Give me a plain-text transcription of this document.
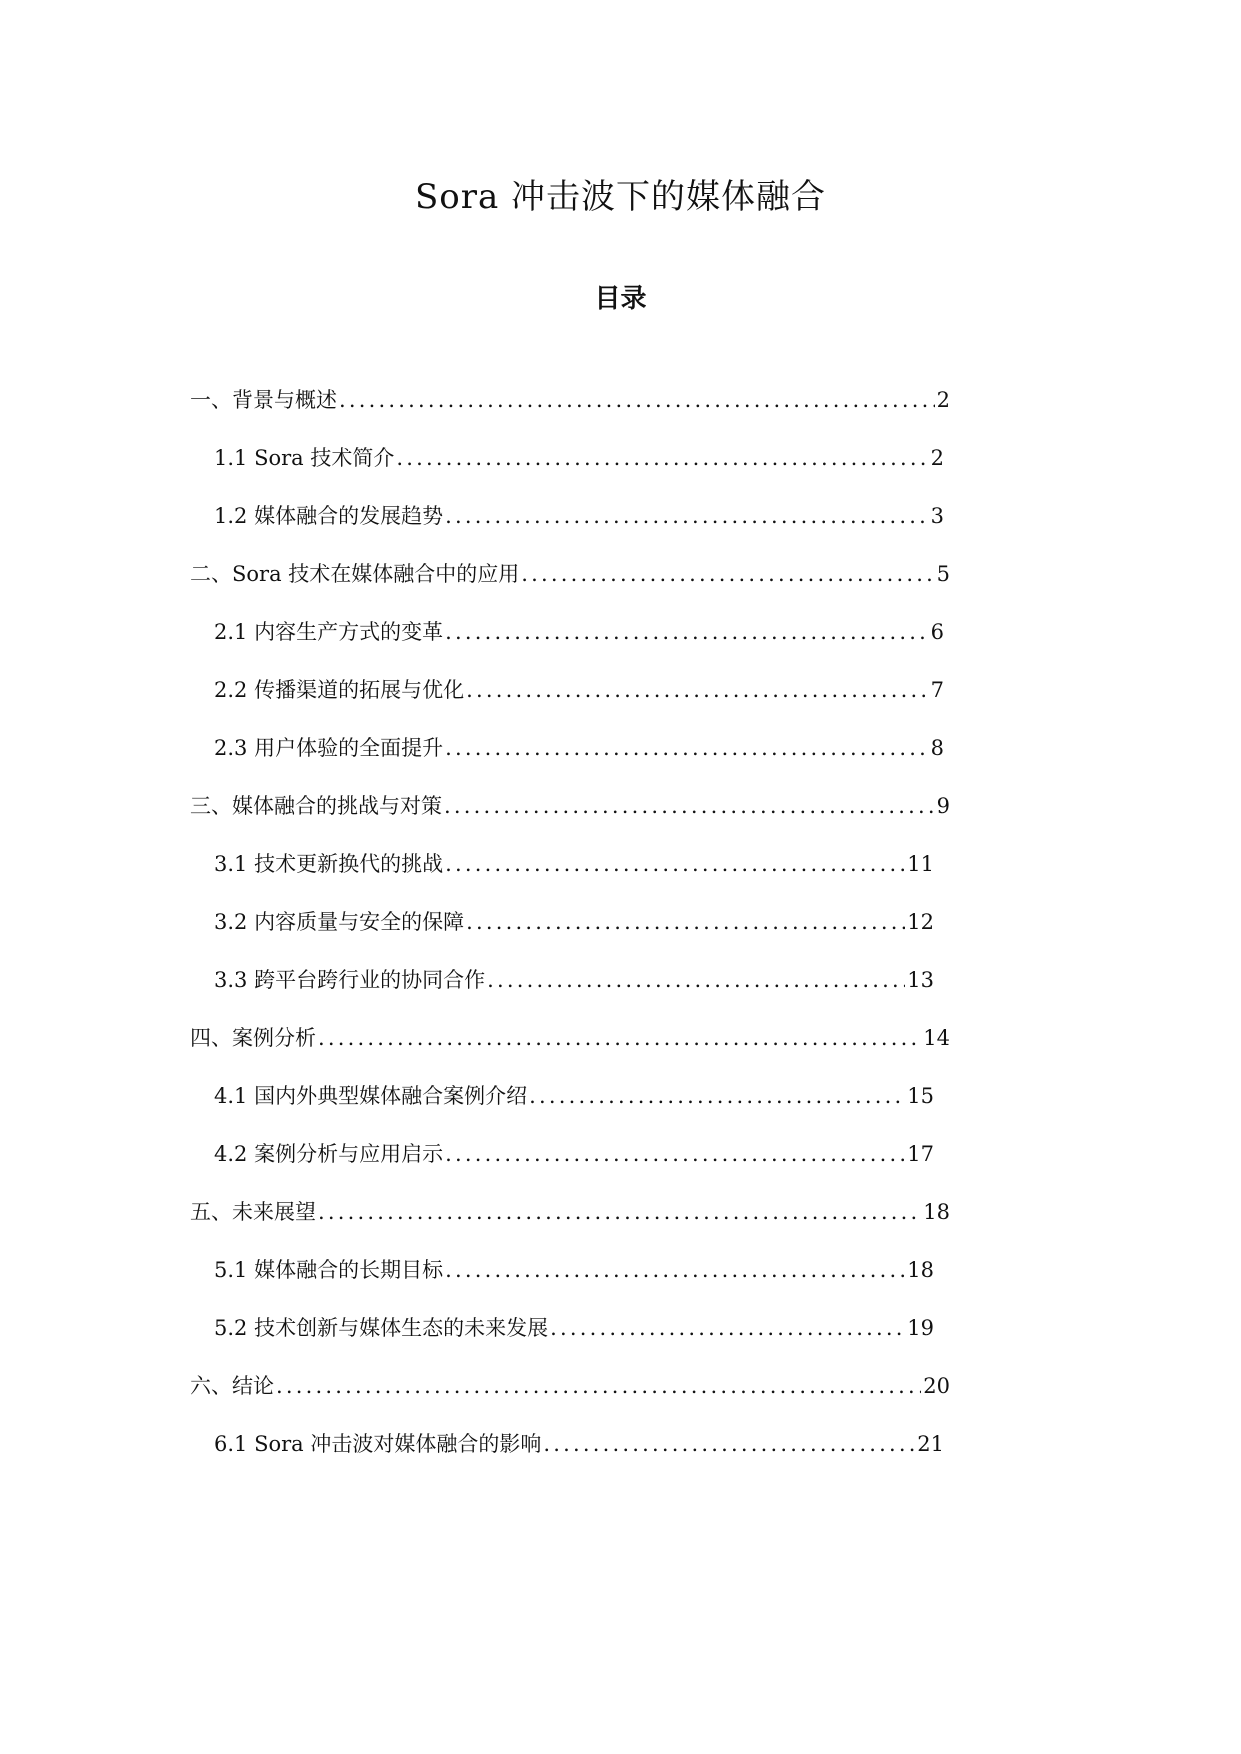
Sora 冲击波下的媒体融合
目录
一、背景与概述 .....	2
1.1 Sora 技术简介 .....	2
1.2 媒体融合的发展趋势 .....	3
二、Sora 技术在媒体融合中的应用 .....	5
2.1 内容生产方式的变革 .....	6
2.2 传播渠道的拓展与优化 .....	7
2.3 用户体验的全面提升 .....	8
三、媒体融合的挑战与对策 .....	9
3.1 技术更新换代的挑战 .....	11
3.2 内容质量与安全的保障 .....	12
3.3 跨平台跨行业的协同合作 .....	13
四、案例分析 .....	14
4.1 国内外典型媒体融合案例介绍 .....	15
4.2 案例分析与应用启示 .....	17
五、未来展望 .....	18
5.1 媒体融合的长期目标 .....	18
5.2 技术创新与媒体生态的未来发展 .....	19
六、结论 .....	20
6.1 Sora 冲击波对媒体融合的影响 .....	21
